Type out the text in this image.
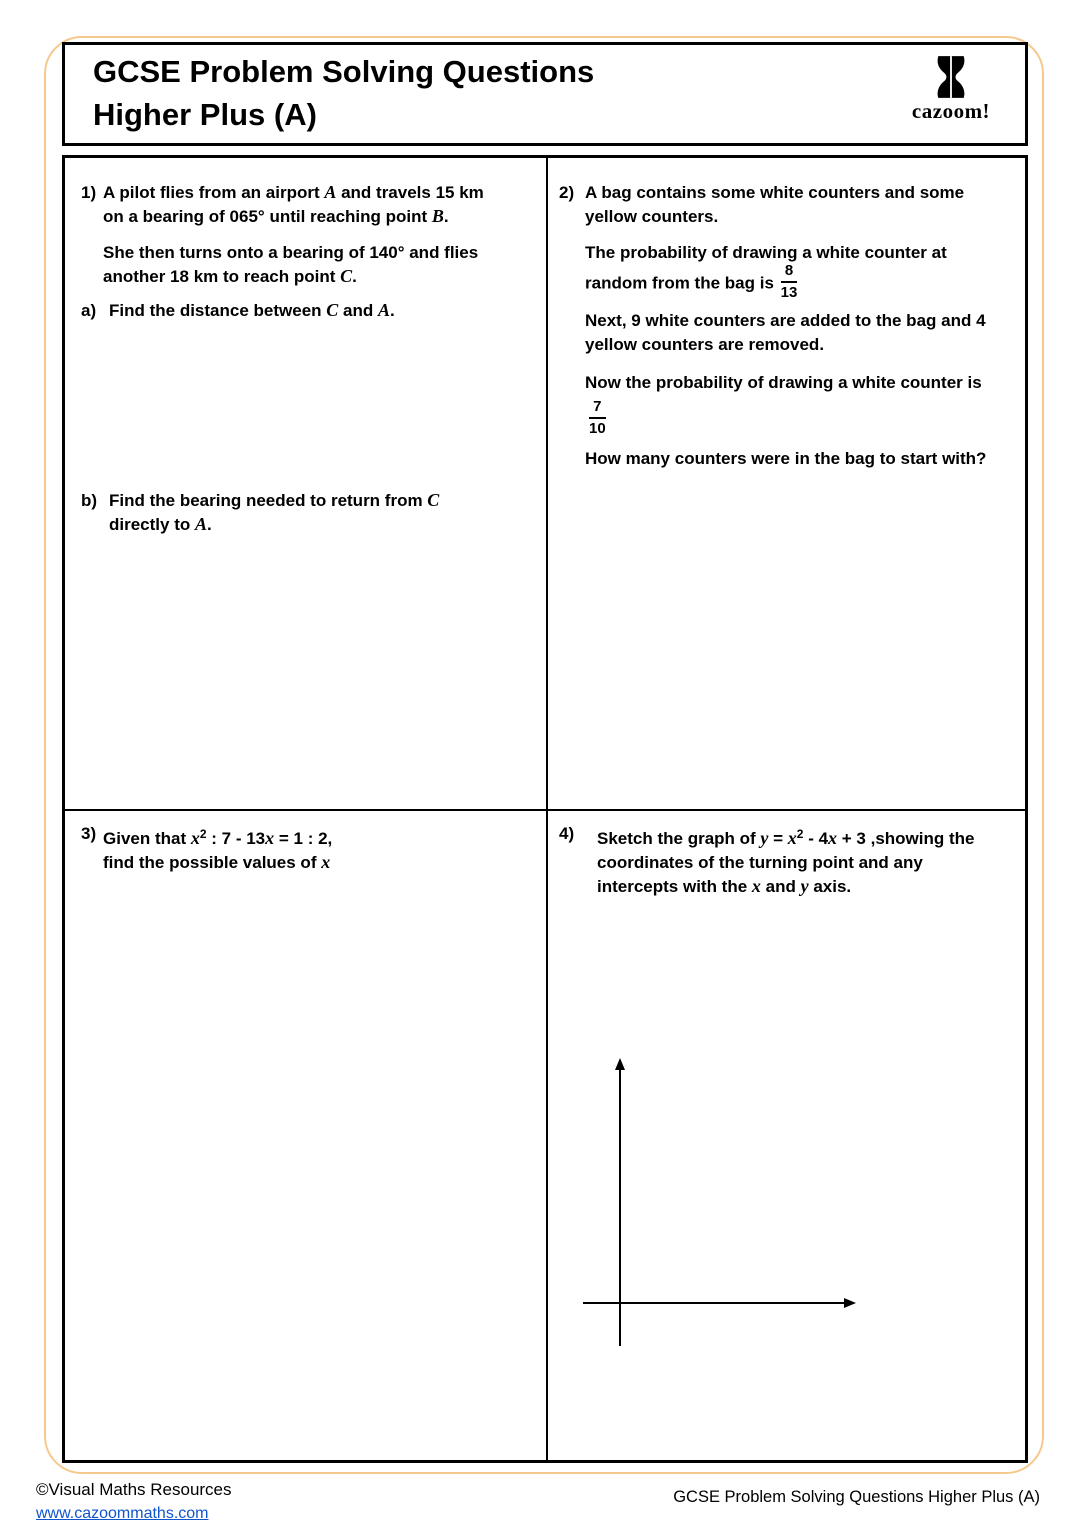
GCSE Problem Solving Questions
Higher Plus (A)	cazoom!
1) A pilot flies from an airport A and travels 15 km
on a bearing of 065° until reaching point B.
She then turns onto a bearing of 140° and flies
another 18 km to reach point C.
a) Find the distance between C and A.
b) Find the bearing needed to return from C
directly to A.
2) A bag contains some white counters and some
yellow counters.
The probability of drawing a white counter at
random from the bag is $\frac{8}{13}$
Next, 9 white counters are added to the bag and 4
yellow counters are removed.
Now the probability of drawing a white counter is
$\frac{7}{10}$
How many counters were in the bag to start with?
3) Given that $x^2$ : 7 - 13x = 1 : 2,
find the possible values of x
4)	Sketch the graph of $y = x^2 - 4x + 3$ ,showing the
coordinates of the turning point and any
intercepts with the x and y axis.
©Visual Maths Resources
www.cazoommaths.com
GCSE Problem Solving Questions Higher Plus (A)
